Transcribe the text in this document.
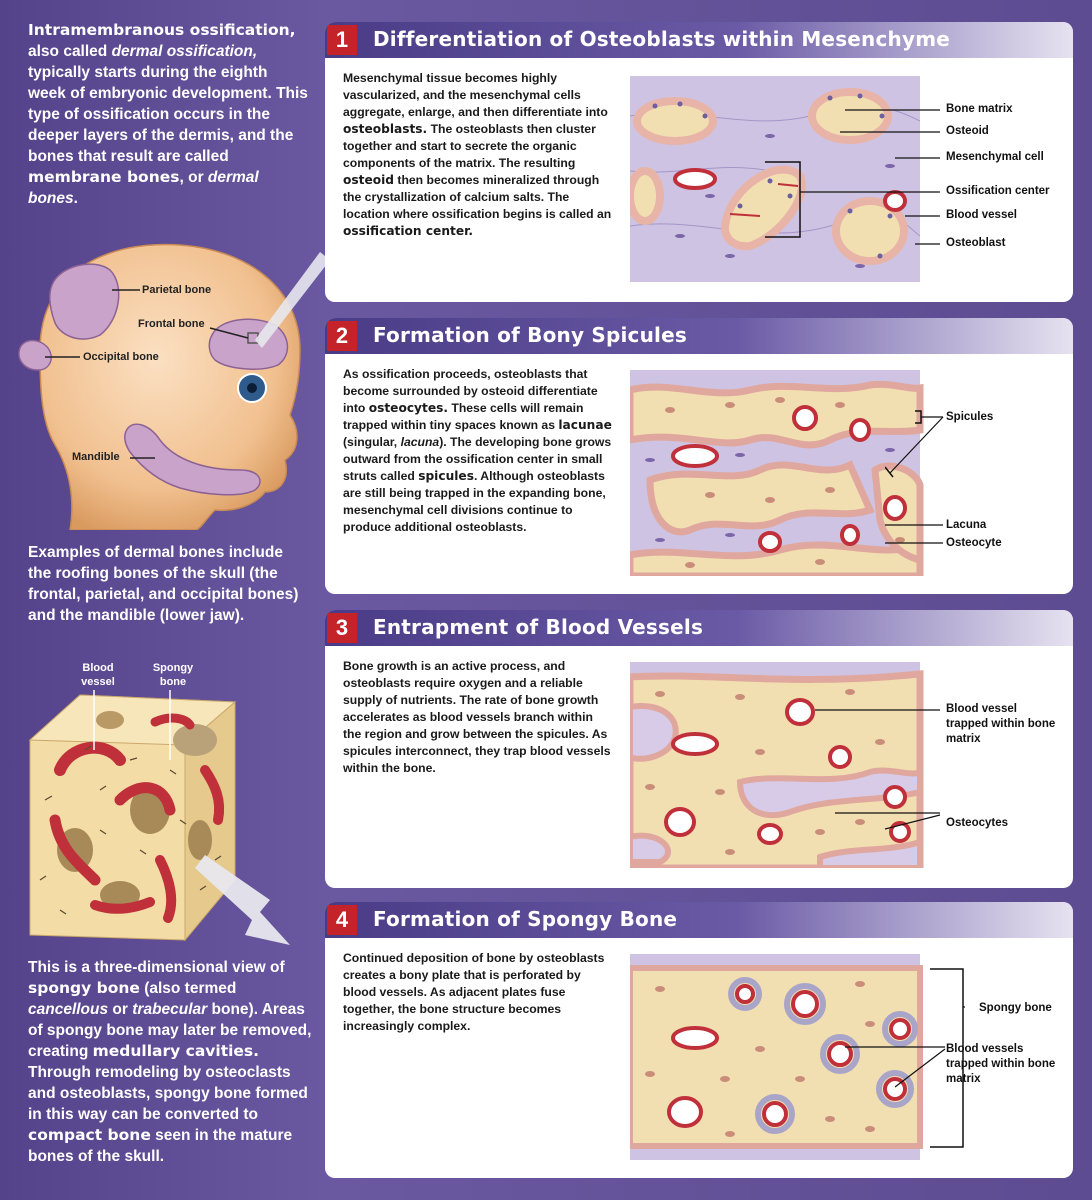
Intramembranous ossification, also called dermal ossification, typically starts during the eighth week of embryonic development. This type of ossification occurs in the deeper layers of the dermis, and the bones that result are called membrane bones, or dermal bones.
Parietal bone
Frontal bone
Occipital bone
Mandible
Examples of dermal bones include the roofing bones of the skull (the frontal, parietal, and occipital bones) and the mandible (lower jaw).
Blood vessel
Spongy bone
This is a three-dimensional view of spongy bone (also termed cancellous or trabecular bone). Areas of spongy bone may later be removed, creating medullary cavities. Through remodeling by osteoclasts and osteoblasts, spongy bone formed in this way can be converted to compact bone seen in the mature bones of the skull.
1	Differentiation of Osteoblasts within Mesenchyme
Mesenchymal tissue becomes highly vascularized, and the mesenchymal cells aggregate, enlarge, and then differentiate into osteoblasts. The osteoblasts then cluster together and start to secrete the organic components of the matrix. The resulting osteoid then becomes mineralized through the crystallization of calcium salts. The location where ossification begins is called an ossification center.
Bone matrix
Osteoid
Mesenchymal cell
Ossification center
Blood vessel
Osteoblast
2	Formation of Bony Spicules
As ossification proceeds, osteoblasts that become surrounded by osteoid differentiate into osteocytes. These cells will remain trapped within tiny spaces known as lacunae (singular, lacuna). The developing bone grows outward from the ossification center in small struts called spicules. Although osteoblasts are still being trapped in the expanding bone, mesenchymal cell divisions continue to produce additional osteoblasts.
Spicules
Lacuna
Osteocyte
3	Entrapment of Blood Vessels
Bone growth is an active process, and osteoblasts require oxygen and a reliable supply of nutrients. The rate of bone growth accelerates as blood vessels branch within the region and grow between the spicules. As spicules interconnect, they trap blood vessels within the bone.
Blood vessel trapped within bone matrix
Osteocytes
4	Formation of Spongy Bone
Continued deposition of bone by osteoblasts creates a bony plate that is perforated by blood vessels. As adjacent plates fuse together, the bone structure becomes increasingly complex.
Spongy bone
Blood vessels trapped within bone matrix
